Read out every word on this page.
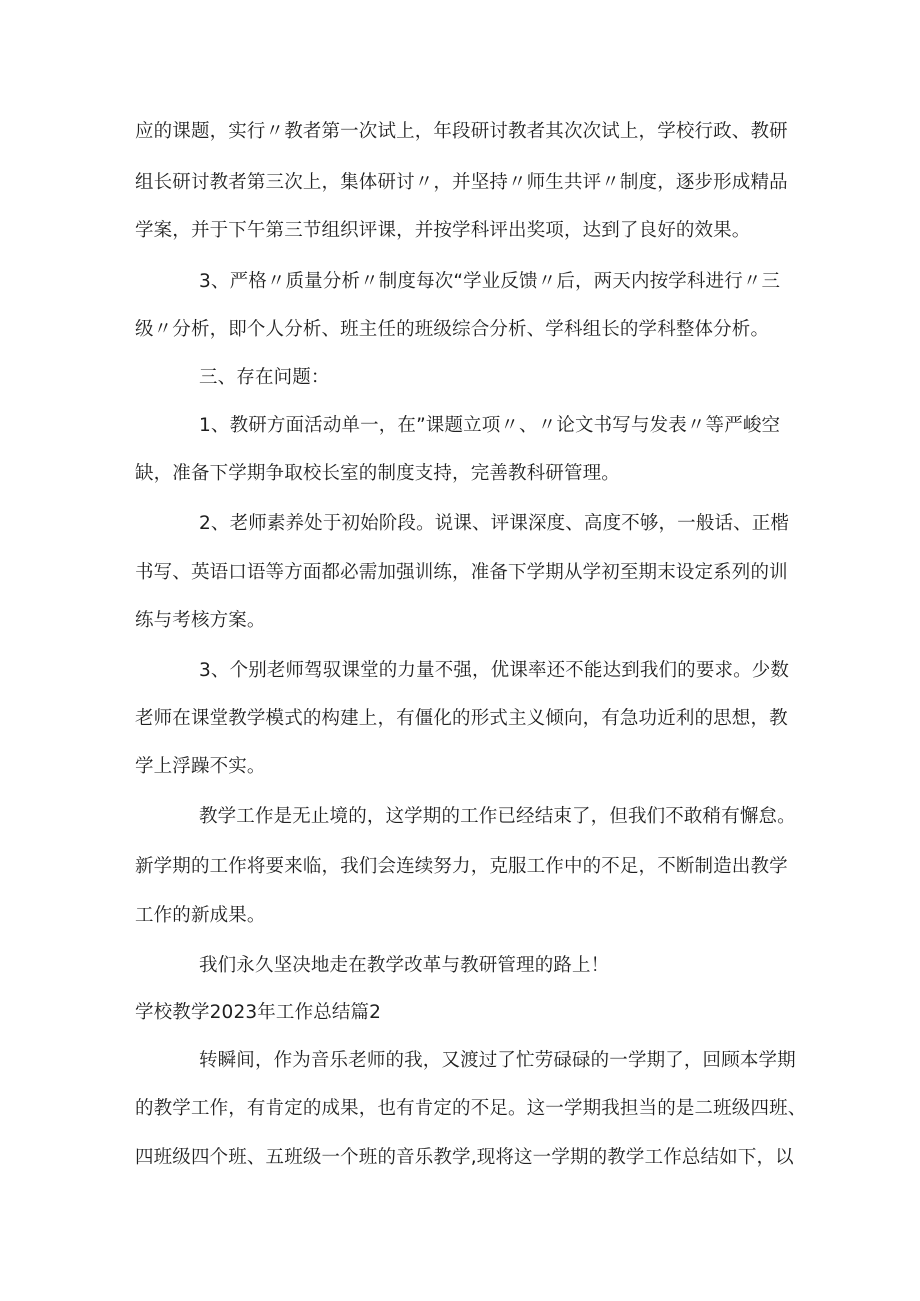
应的课题，实行〃教者第一次试上，年段研讨教者其次次试上，学校行政、教研

组长研讨教者第三次上，集体研讨〃，并坚持〃师生共评〃制度，逐步形成精品

学案，并于下午第三节组织评课，并按学科评出奖项，达到了良好的效果。

3、严格〃质量分析〃制度每次“学业反馈〃后，两天内按学科进行〃三

级〃分析，即个人分析、班主任的班级综合分析、学科组长的学科整体分析。

三、存在问题：

1、教研方面活动单一，在”课题立项〃、〃论文书写与发表〃等严峻空

缺，准备下学期争取校长室的制度支持，完善教科研管理。

2、老师素养处于初始阶段。说课、评课深度、高度不够，一般话、正楷

书写、英语口语等方面都必需加强训练，准备下学期从学初至期末设定系列的训

练与考核方案。

3、个别老师驾驭课堂的力量不强，优课率还不能达到我们的要求。少数

老师在课堂教学模式的构建上，有僵化的形式主义倾向，有急功近利的思想，教

学上浮躁不实。

教学工作是无止境的，这学期的工作已经结束了，但我们不敢稍有懈怠。

新学期的工作将要来临，我们会连续努力，克服工作中的不足，不断制造出教学

工作的新成果。

我们永久坚决地走在教学改革与教研管理的路上！

学校教学2023年工作总结篇2

转瞬间，作为音乐老师的我，又渡过了忙劳碌碌的一学期了，回顾本学期

的教学工作，有肯定的成果，也有肯定的不足。这一学期我担当的是二班级四班、

四班级四个班、五班级一个班的音乐教学,现将这一学期的教学工作总结如下，以
